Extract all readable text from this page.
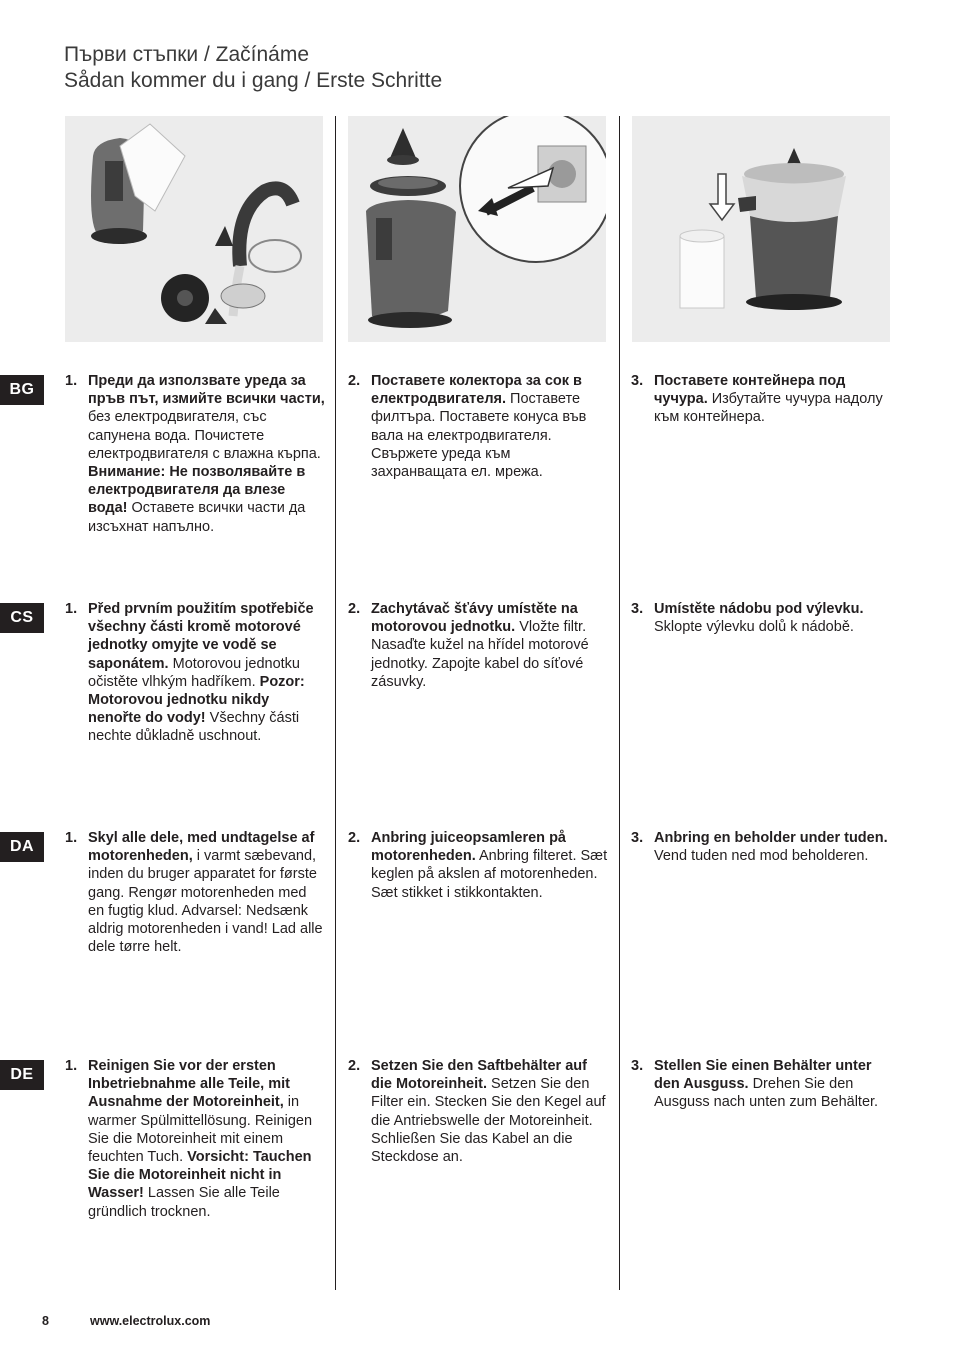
Първи стъпки / Začínáme
Sådan kommer du i gang / Erste Schritte
BG	1. Преди да използвате уреда за пръв път, измийте всички части, без електродвигателя, със сапунена вода. Почистете електродвигателя с влажна кърпа. Внимание: Не позволявайте в електродвигателя да влезе вода! Оставете всички части да изсъхнат напълно.
2. Поставете колектора за сок в електродвигателя. Поставете филтъра. Поставете конуса във вала на електродвигателя. Свържете уреда към захранващата ел. мрежа.
3. Поставете контейнера под чучура. Избутайте чучура надолу към контейнера.
CS	1. Před prvním použitím spotřebiče všechny části kromě motorové jednotky omyjte ve vodě se saponátem. Motorovou jednotku očistěte vlhkým hadříkem. Pozor: Motorovou jednotku nikdy nenořte do vody! Všechny části nechte důkladně uschnout.
2. Zachytávač šťávy umístěte na motorovou jednotku. Vložte filtr. Nasaďte kužel na hřídel motorové jednotky. Zapojte kabel do síťové zásuvky.
3. Umístěte nádobu pod výlevku. Sklopte výlevku dolů k nádobě.
DA	1. Skyl alle dele, med undtagelse af motorenheden, i varmt sæbevand, inden du bruger apparatet for første gang. Rengør motorenheden med en fugtig klud. Advarsel: Nedsænk aldrig motorenheden i vand! Lad alle dele tørre helt.
2. Anbring juiceopsamleren på motorenheden. Anbring filteret. Sæt keglen på akslen af motorenheden. Sæt stikket i stikkontakten.
3. Anbring en beholder under tuden. Vend tuden ned mod beholderen.
DE	1. Reinigen Sie vor der ersten Inbetriebnahme alle Teile, mit Ausnahme der Motoreinheit, in warmer Spülmittellösung. Reinigen Sie die Motoreinheit mit einem feuchten Tuch. Vorsicht: Tauchen Sie die Motoreinheit nicht in Wasser! Lassen Sie alle Teile gründlich trocknen.
2. Setzen Sie den Saftbehälter auf die Motoreinheit. Setzen Sie den Filter ein. Stecken Sie den Kegel auf die Antriebswelle der Motoreinheit. Schließen Sie das Kabel an die Steckdose an.
3. Stellen Sie einen Behälter unter den Ausguss. Drehen Sie den Ausguss nach unten zum Behälter.
8	www.electrolux.com
